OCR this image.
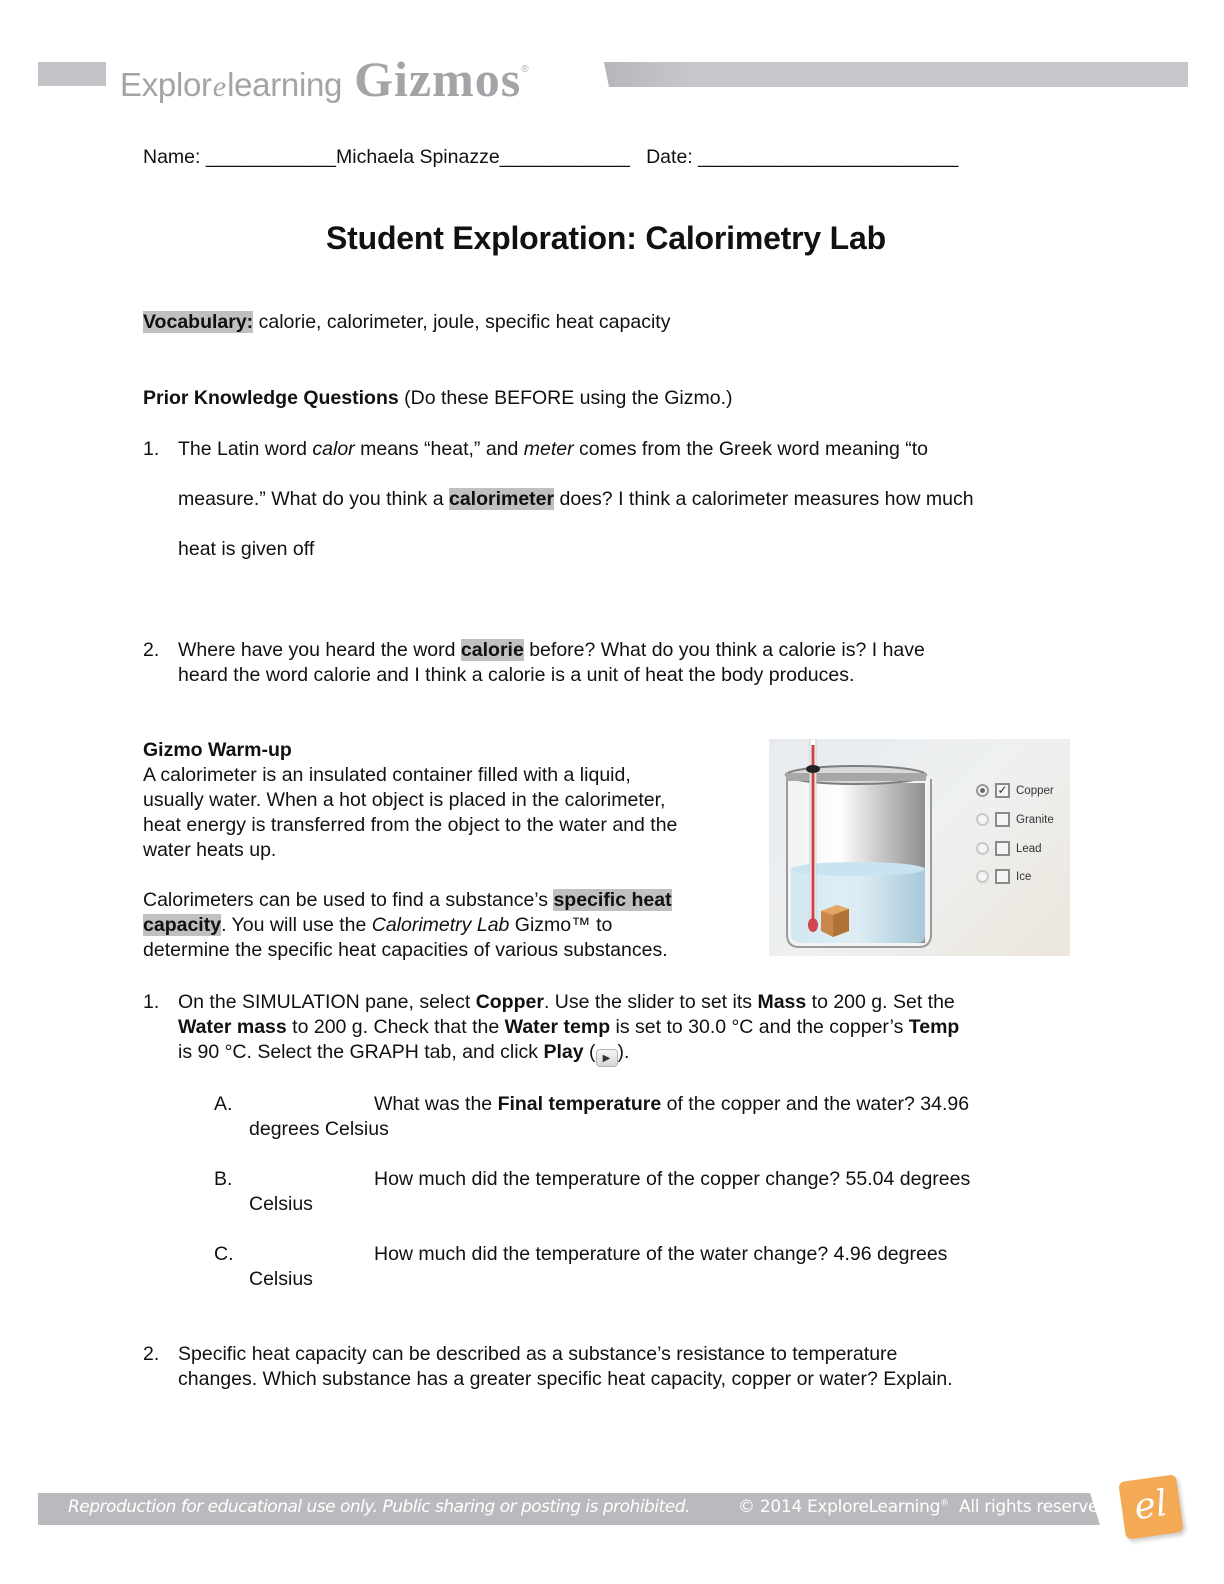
Explor e learning Gizmos ®
Name: ____________Michaela Spinazze____________ Date: ________________________
Student Exploration: Calorimetry Lab
Vocabulary: calorie, calorimeter, joule, specific heat capacity
Prior Knowledge Questions (Do these BEFORE using the Gizmo.)
1. The Latin word calor means “heat,” and meter comes from the Greek word meaning “to
measure.” What do you think a calorimeter does? I think a calorimeter measures how much
heat is given off
2. Where have you heard the word calorie before? What do you think a calorie is? I have
heard the word calorie and I think a calorie is a unit of heat the body produces.
Gizmo Warm-up
A calorimeter is an insulated container filled with a liquid,
usually water. When a hot object is placed in the calorimeter,
heat energy is transferred from the object to the water and the
water heats up.
Calorimeters can be used to find a substance’s specific heat
capacity. You will use the Calorimetry Lab Gizmo™ to
determine the specific heat capacities of various substances.
✓ Copper
Granite
Lead
Ice
1. On the SIMULATION pane, select Copper. Use the slider to set its Mass to 200 g. Set the
Water mass to 200 g. Check that the Water temp is set to 30.0 °C and the copper’s Temp
is 90 °C. Select the GRAPH tab, and click Play ( ▶ ).
A.	What was the Final temperature of the copper and the water? 34.96
degrees Celsius
B.	How much did the temperature of the copper change? 55.04 degrees
Celsius
C.	How much did the temperature of the water change? 4.96 degrees
Celsius
2. Specific heat capacity can be described as a substance’s resistance to temperature
changes. Which substance has a greater specific heat capacity, copper or water? Explain.
Reproduction for educational use only. Public sharing or posting is prohibited.	© 2014 ExploreLearning®  All rights reserved el
